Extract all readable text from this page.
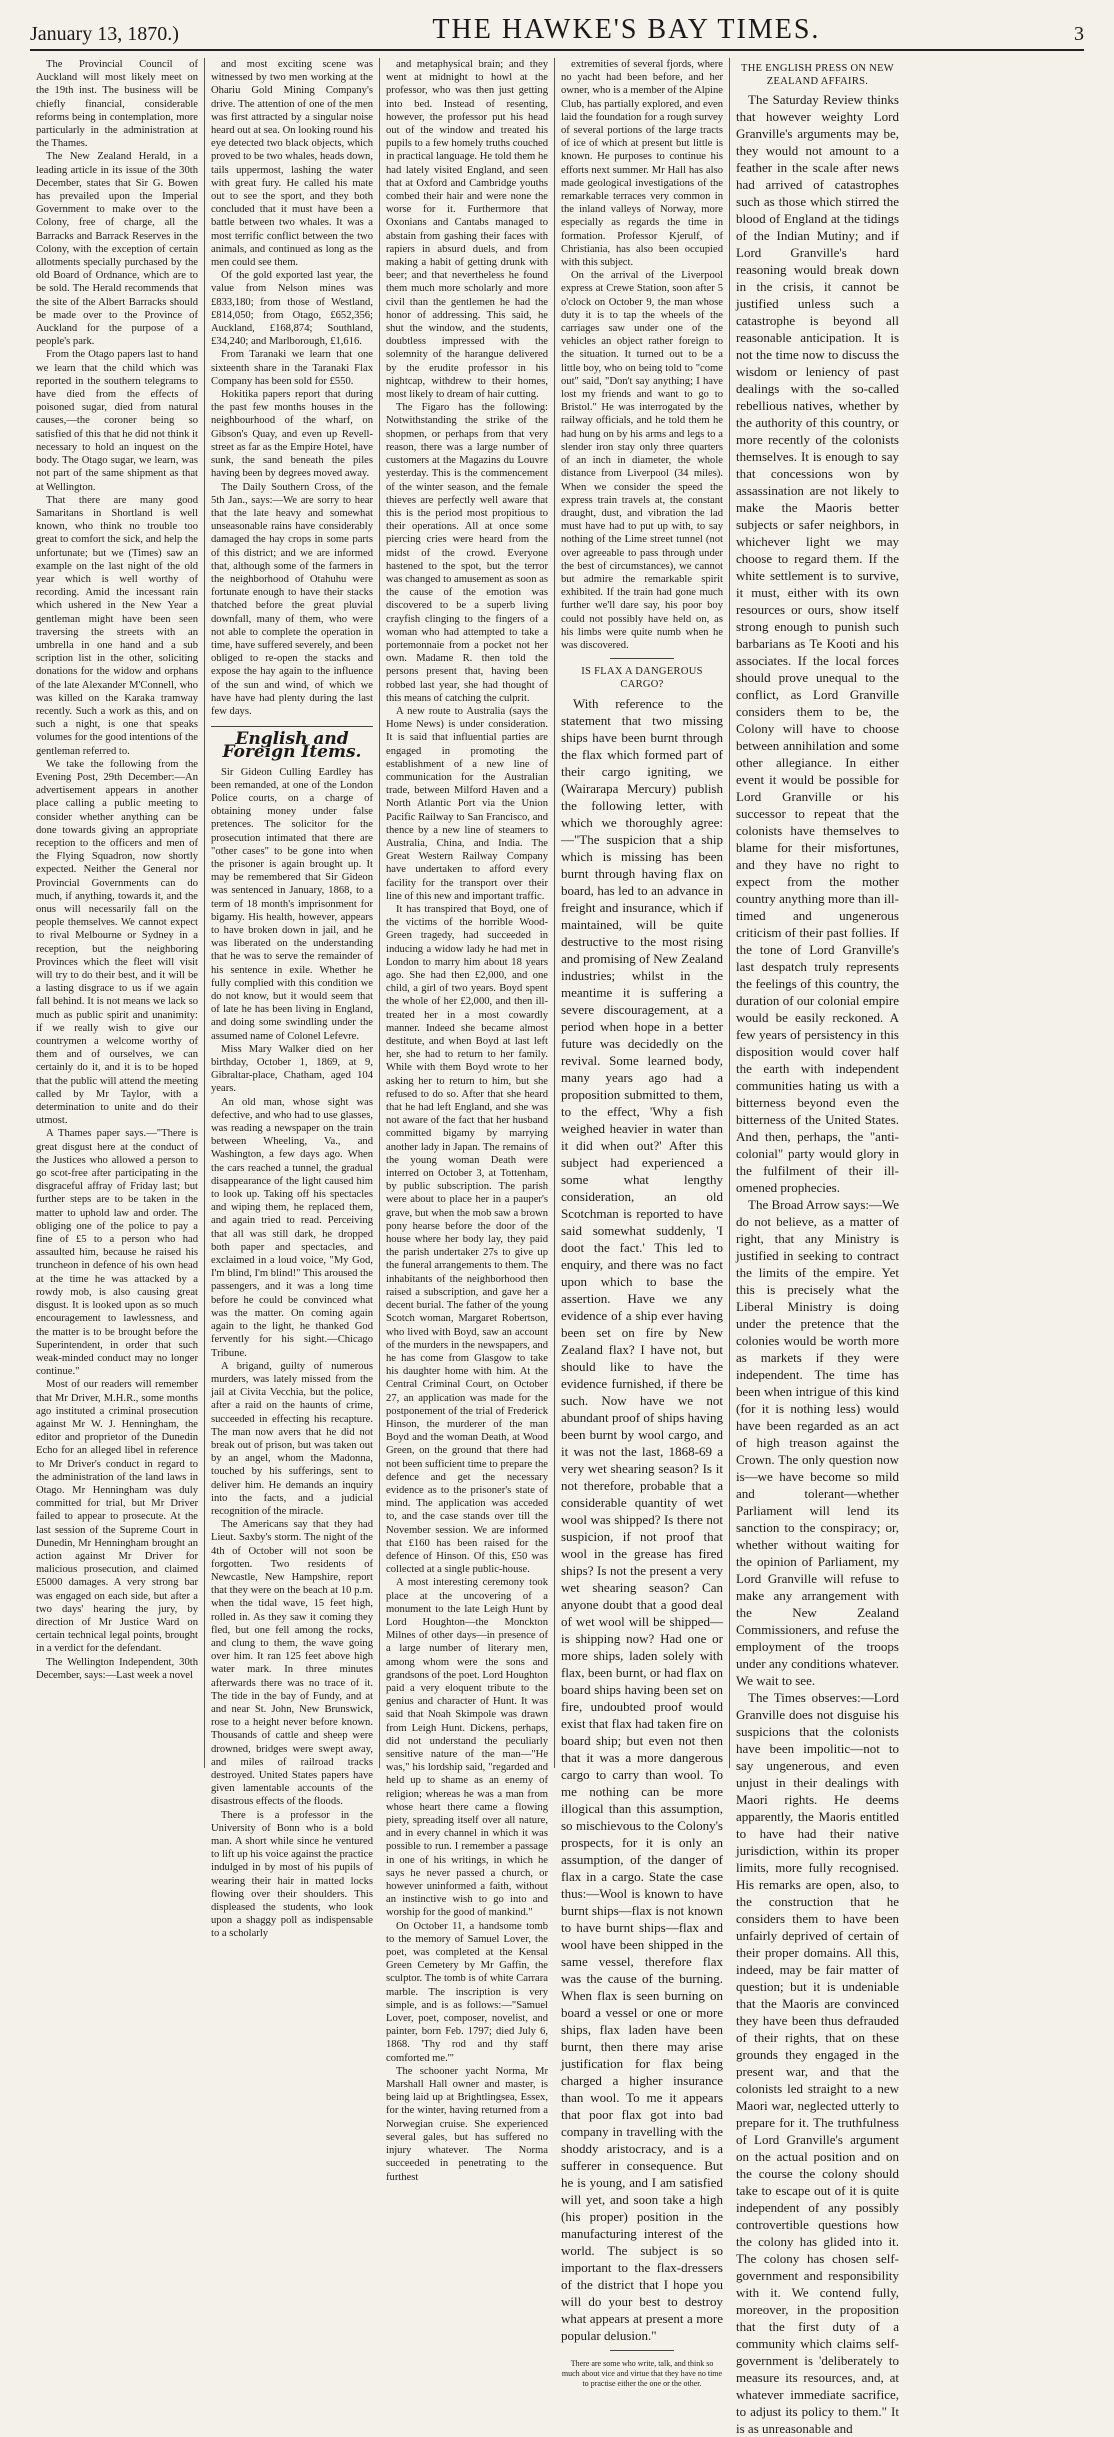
January 13, 1870.)	THE HAWKE'S BAY TIMES.	3

The Provincial Council of Auckland will most likely meet on the 19th inst. The business will be chiefly financial, considerable reforms being in contemplation, more particularly in the administration at the Thames.

The New Zealand Herald, in a leading article in its issue of the 30th December, states that Sir G. Bowen has prevailed upon the Imperial Government to make over to the Colony, free of charge, all the Barracks and Barrack Reserves in the Colony, with the exception of certain allotments specially purchased by the old Board of Ordnance, which are to be sold. The Herald recommends that the site of the Albert Barracks should be made over to the Province of Auckland for the purpose of a people's park.

From the Otago papers last to hand we learn that the child which was reported in the southern telegrams to have died from the effects of poisoned sugar, died from natural causes,—the coroner being so satisfied of this that he did not think it necessary to hold an inquest on the body. The Otago sugar, we learn, was not part of the same shipment as that at Wellington.

That there are many good Samaritans in Shortland is well known, who think no trouble too great to comfort the sick, and help the unfortunate; but we (Times) saw an example on the last night of the old year which is well worthy of recording. Amid the incessant rain which ushered in the New Year a gentleman might have been seen traversing the streets with an umbrella in one hand and a sub scription list in the other, soliciting donations for the widow and orphans of the late Alexander M'Connell, who was killed on the Karaka tramway recently. Such a work as this, and on such a night, is one that speaks volumes for the good intentions of the gentleman referred to.

We take the following from the Evening Post, 29th December:—An advertisement appears in another place calling a public meeting to consider whether anything can be done towards giving an appropriate reception to the officers and men of the Flying Squadron, now shortly expected. Neither the General nor Provincial Governments can do much, if anything, towards it, and the onus will necessarily fall on the people themselves. We cannot expect to rival Melbourne or Sydney in a reception, but the neighboring Provinces which the fleet will visit will try to do their best, and it will be a lasting disgrace to us if we again fall behind. It is not means we lack so much as public spirit and unanimity: if we really wish to give our countrymen a welcome worthy of them and of ourselves, we can certainly do it, and it is to be hoped that the public will attend the meeting called by Mr Taylor, with a determination to unite and do their utmost.

A Thames paper says.—"There is great disgust here at the conduct of the Justices who allowed a person to go scot-free after participating in the disgraceful affray of Friday last; but further steps are to be taken in the matter to uphold law and order. The obliging one of the police to pay a fine of £5 to a person who had assaulted him, because he raised his truncheon in defence of his own head at the time he was attacked by a rowdy mob, is also causing great disgust. It is looked upon as so much encouragement to lawlessness, and the matter is to be brought before the Superintendent, in order that such weak-minded conduct may no longer continue."

Most of our readers will remember that Mr Driver, M.H.R., some months ago instituted a criminal prosecution against Mr W. J. Henningham, the editor and proprietor of the Dunedin Echo for an alleged libel in reference to Mr Driver's conduct in regard to the administration of the land laws in Otago. Mr Henningham was duly committed for trial, but Mr Driver failed to appear to prosecute. At the last session of the Supreme Court in Dunedin, Mr Henningham brought an action against Mr Driver for malicious prosecution, and claimed £5000 damages. A very strong bar was engaged on each side, but after a two days' hearing the jury, by direction of Mr Justice Ward on certain technical legal points, brought in a verdict for the defendant.

The Wellington Independent, 30th December, says:—Last week a novel

and most exciting scene was witnessed by two men working at the Ohariu Gold Mining Company's drive. The attention of one of the men was first attracted by a singular noise heard out at sea. On looking round his eye detected two black objects, which proved to be two whales, heads down, tails uppermost, lashing the water with great fury. He called his mate out to see the sport, and they both concluded that it must have been a battle between two whales. It was a most terrific conflict between the two animals, and continued as long as the men could see them.

Of the gold exported last year, the value from Nelson mines was £833,180; from those of Westland, £814,050; from Otago, £652,356; Auckland, £168,874; Southland, £34,240; and Marlborough, £1,616.

From Taranaki we learn that one sixteenth share in the Taranaki Flax Company has been sold for £550.

Hokitika papers report that during the past few months houses in the neighbourhood of the wharf, on Gibson's Quay, and even up Revell-street as far as the Empire Hotel, have sunk, the sand beneath the piles having been by degrees moved away.

The Daily Southern Cross, of the 5th Jan., says:—We are sorry to hear that the late heavy and somewhat unseasonable rains have considerably damaged the hay crops in some parts of this district; and we are informed that, although some of the farmers in the neighborhood of Otahuhu were fortunate enough to have their stacks thatched before the great pluvial downfall, many of them, who were not able to complete the operation in time, have suffered severely, and been obliged to re-open the stacks and expose the hay again to the influence of the sun and wind, of which we have have had plenty during the last few days.

English and Foreign Items.

Sir Gideon Culling Eardley has been remanded, at one of the London Police courts, on a charge of obtaining money under false pretences. The solicitor for the prosecution intimated that there are "other cases" to be gone into when the prisoner is again brought up. It may be remembered that Sir Gideon was sentenced in January, 1868, to a term of 18 month's imprisonment for bigamy. His health, however, appears to have broken down in jail, and he was liberated on the understanding that he was to serve the remainder of his sentence in exile. Whether he fully complied with this condition we do not know, but it would seem that of late he has been living in England, and doing some swindling under the assumed name of Colonel Lefevre.

Miss Mary Walker died on her birthday, October 1, 1869, at 9, Gibraltar-place, Chatham, aged 104 years.

An old man, whose sight was defective, and who had to use glasses, was reading a newspaper on the train between Wheeling, Va., and Washington, a few days ago. When the cars reached a tunnel, the gradual disappearance of the light caused him to look up. Taking off his spectacles and wiping them, he replaced them, and again tried to read. Perceiving that all was still dark, he dropped both paper and spectacles, and exclaimed in a loud voice, "My God, I'm blind, I'm blind!" This aroused the passengers, and it was a long time before he could be convinced what was the matter. On coming again again to the light, he thanked God fervently for his sight.—Chicago Tribune.

A brigand, guilty of numerous murders, was lately missed from the jail at Civita Vecchia, but the police, after a raid on the haunts of crime, succeeded in effecting his recapture. The man now avers that he did not break out of prison, but was taken out by an angel, whom the Madonna, touched by his sufferings, sent to deliver him. He demands an inquiry into the facts, and a judicial recognition of the miracle.

The Americans say that they had Lieut. Saxby's storm. The night of the 4th of October will not soon be forgotten. Two residents of Newcastle, New Hampshire, report that they were on the beach at 10 p.m. when the tidal wave, 15 feet high, rolled in. As they saw it coming they fled, but one fell among the rocks, and clung to them, the wave going over him. It ran 125 feet above high water mark. In three minutes afterwards there was no trace of it. The tide in the bay of Fundy, and at and near St. John, New Brunswick, rose to a height never before known. Thousands of cattle and sheep were drowned, bridges were swept away, and miles of railroad tracks destroyed. United States papers have given lamentable accounts of the disastrous effects of the floods.

There is a professor in the University of Bonn who is a bold man. A short while since he ventured to lift up his voice against the practice indulged in by most of his pupils of wearing their hair in matted locks flowing over their shoulders. This displeased the students, who look upon a shaggy poll as indispensable to a scholarly

and metaphysical brain; and they went at midnight to howl at the professor, who was then just getting into bed. Instead of resenting, however, the professor put his head out of the window and treated his pupils to a few homely truths couched in practical language. He told them he had lately visited England, and seen that at Oxford and Cambridge youths combed their hair and were none the worse for it. Furthermore that Oxonians and Cantabs managed to abstain from gashing their faces with rapiers in absurd duels, and from making a habit of getting drunk with beer; and that nevertheless he found them much more scholarly and more civil than the gentlemen he had the honor of addressing. This said, he shut the window, and the students, doubtless impressed with the solemnity of the harangue delivered by the erudite professor in his nightcap, withdrew to their homes, most likely to dream of hair cutting.

The Figaro has the following: Notwithstanding the strike of the shopmen, or perhaps from that very reason, there was a large number of customers at the Magazins du Louvre yesterday. This is the commencement of the winter season, and the female thieves are perfectly well aware that this is the period most propitious to their operations. All at once some piercing cries were heard from the midst of the crowd. Everyone hastened to the spot, but the terror was changed to amusement as soon as the cause of the emotion was discovered to be a superb living crayfish clinging to the fingers of a woman who had attempted to take a portemonnaie from a pocket not her own. Madame R. then told the persons present that, having been robbed last year, she had thought of this means of catching the culprit.

A new route to Australia (says the Home News) is under consideration. It is said that influential parties are engaged in promoting the establishment of a new line of communication for the Australian trade, between Milford Haven and a North Atlantic Port via the Union Pacific Railway to San Francisco, and thence by a new line of steamers to Australia, China, and India. The Great Western Railway Company have undertaken to afford every facility for the transport over their line of this new and important traffic.

It has transpired that Boyd, one of the victims of the horrible Wood-Green tragedy, had succeeded in inducing a widow lady he had met in London to marry him about 18 years ago. She had then £2,000, and one child, a girl of two years. Boyd spent the whole of her £2,000, and then ill-treated her in a most cowardly manner. Indeed she became almost destitute, and when Boyd at last left her, she had to return to her family. While with them Boyd wrote to her asking her to return to him, but she refused to do so. After that she heard that he had left England, and she was not aware of the fact that her husband committed bigamy by marrying another lady in Japan. The remains of the young woman Death were interred on October 3, at Tottenham, by public subscription. The parish were about to place her in a pauper's grave, but when the mob saw a brown pony hearse before the door of the house where her body lay, they paid the parish undertaker 27s to give up the funeral arrangements to them. The inhabitants of the neighborhood then raised a subscription, and gave her a decent burial. The father of the young Scotch woman, Margaret Robertson, who lived with Boyd, saw an account of the murders in the newspapers, and he has come from Glasgow to take his daughter home with him. At the Central Criminal Court, on October 27, an application was made for the postponement of the trial of Frederick Hinson, the murderer of the man Boyd and the woman Death, at Wood Green, on the ground that there had not been sufficient time to prepare the defence and get the necessary evidence as to the prisoner's state of mind. The application was acceded to, and the case stands over till the November session. We are informed that £160 has been raised for the defence of Hinson. Of this, £50 was collected at a single public-house.

A most interesting ceremony took place at the uncovering of a monument to the late Leigh Hunt by Lord Houghton—the Monckton Milnes of other days—in presence of a large number of literary men, among whom were the sons and grandsons of the poet. Lord Houghton paid a very eloquent tribute to the genius and character of Hunt. It was said that Noah Skimpole was drawn from Leigh Hunt. Dickens, perhaps, did not understand the peculiarly sensitive nature of the man—"He was," his lordship said, "regarded and held up to shame as an enemy of religion; whereas he was a man from whose heart there came a flowing piety, spreading itself over all nature, and in every channel in which it was possible to run. I remember a passage in one of his writings, in which he says he never passed a church, or however uninformed a faith, without an instinctive wish to go into and worship for the good of mankind."

On October 11, a handsome tomb to the memory of Samuel Lover, the poet, was completed at the Kensal Green Cemetery by Mr Gaffin, the sculptor. The tomb is of white Carrara marble. The inscription is very simple, and is as follows:—"Samuel Lover, poet, composer, novelist, and painter, born Feb. 1797; died July 6, 1868. 'Thy rod and thy staff comforted me.'"

The schooner yacht Norma, Mr Marshall Hall owner and master, is being laid up at Brightlingsea, Essex, for the winter, having returned from a Norwegian cruise. She experienced several gales, but has suffered no injury whatever. The Norma succeeded in penetrating to the furthest

extremities of several fjords, where no yacht had been before, and her owner, who is a member of the Alpine Club, has partially explored, and even laid the foundation for a rough survey of several portions of the large tracts of ice of which at present but little is known. He purposes to continue his efforts next summer. Mr Hall has also made geological investigations of the remarkable terraces very common in the inland valleys of Norway, more especially as regards the time in formation. Professor Kjerulf, of Christiania, has also been occupied with this subject.

On the arrival of the Liverpool express at Crewe Station, soon after 5 o'clock on October 9, the man whose duty it is to tap the wheels of the carriages saw under one of the vehicles an object rather foreign to the situation. It turned out to be a little boy, who on being told to "come out" said, "Don't say anything; I have lost my friends and want to go to Bristol." He was interrogated by the railway officials, and he told them he had hung on by his arms and legs to a slender iron stay only three quarters of an inch in diameter, the whole distance from Liverpool (34 miles). When we consider the speed the express train travels at, the constant draught, dust, and vibration the lad must have had to put up with, to say nothing of the Lime street tunnel (not over agreeable to pass through under the best of circumstances), we cannot but admire the remarkable spirit exhibited. If the train had gone much further we'll dare say, his poor boy could not possibly have held on, as his limbs were quite numb when he was discovered.

IS FLAX A DANGEROUS CARGO?

With reference to the statement that two missing ships have been burnt through the flax which formed part of their cargo igniting, we (Wairarapa Mercury) publish the following letter, with which we thoroughly agree:—"The suspicion that a ship which is missing has been burnt through having flax on board, has led to an advance in freight and insurance, which if maintained, will be quite destructive to the most rising and promising of New Zealand industries; whilst in the meantime it is suffering a severe discouragement, at a period when hope in a better future was decidedly on the revival. Some learned body, many years ago had a proposition submitted to them, to the effect, 'Why a fish weighed heavier in water than it did when out?' After this subject had experienced a some what lengthy consideration, an old Scotchman is reported to have said somewhat suddenly, 'I doot the fact.' This led to enquiry, and there was no fact upon which to base the assertion. Have we any evidence of a ship ever having been set on fire by New Zealand flax? I have not, but should like to have the evidence furnished, if there be such. Now have we not abundant proof of ships having been burnt by wool cargo, and it was not the last, 1868-69 a very wet shearing season? Is it not therefore, probable that a considerable quantity of wet wool was shipped? Is there not suspicion, if not proof that wool in the grease has fired ships? Is not the present a very wet shearing season? Can anyone doubt that a good deal of wet wool will be shipped—is shipping now? Had one or more ships, laden solely with flax, been burnt, or had flax on board ships having been set on fire, undoubted proof would exist that flax had taken fire on board ship; but even not then that it was a more dangerous cargo to carry than wool. To me nothing can be more illogical than this assumption, so mischievous to the Colony's prospects, for it is only an assumption, of the danger of flax in a cargo. State the case thus:—Wool is known to have burnt ships—flax is not known to have burnt ships—flax and wool have been shipped in the same vessel, therefore flax was the cause of the burning. When flax is seen burning on board a vessel or one or more ships, flax laden have been burnt, then there may arise justification for flax being charged a higher insurance than wool. To me it appears that poor flax got into bad company in travelling with the shoddy aristocracy, and is a sufferer in consequence. But he is young, and I am satisfied will yet, and soon take a high (his proper) position in the manufacturing interest of the world. The subject is so important to the flax-dressers of the district that I hope you will do your best to destroy what appears at present a more popular delusion."

There are some who write, talk, and think so much about vice and virtue that they have no time to practise either the one or the other.
THE ENGLISH PRESS ON NEW ZEALAND AFFAIRS.

The Saturday Review thinks that however weighty Lord Granville's arguments may be, they would not amount to a feather in the scale after news had arrived of catastrophes such as those which stirred the blood of England at the tidings of the Indian Mutiny; and if Lord Granville's hard reasoning would break down in the crisis, it cannot be justified unless such a catastrophe is beyond all reasonable anticipation. It is not the time now to discuss the wisdom or leniency of past dealings with the so-called rebellious natives, whether by the authority of this country, or more recently of the colonists themselves. It is enough to say that concessions won by assassination are not likely to make the Maoris better subjects or safer neighbors, in whichever light we may choose to regard them. If the white settlement is to survive, it must, either with its own resources or ours, show itself strong enough to punish such barbarians as Te Kooti and his associates. If the local forces should prove unequal to the conflict, as Lord Granville considers them to be, the Colony will have to choose between annihilation and some other allegiance. In either event it would be possible for Lord Granville or his successor to repeat that the colonists have themselves to blame for their misfortunes, and they have no right to expect from the mother country anything more than ill-timed and ungenerous criticism of their past follies. If the tone of Lord Granville's last despatch truly represents the feelings of this country, the duration of our colonial empire would be easily reckoned. A few years of persistency in this disposition would cover half the earth with independent communities hating us with a bitterness beyond even the bitterness of the United States. And then, perhaps, the "anti-colonial" party would glory in the fulfilment of their ill-omened prophecies.

The Broad Arrow says:—We do not believe, as a matter of right, that any Ministry is justified in seeking to contract the limits of the empire. Yet this is precisely what the Liberal Ministry is doing under the pretence that the colonies would be worth more as markets if they were independent. The time has been when intrigue of this kind (for it is nothing less) would have been regarded as an act of high treason against the Crown. The only question now is—we have become so mild and tolerant—whether Parliament will lend its sanction to the conspiracy; or, whether without waiting for the opinion of Parliament, my Lord Granville will refuse to make any arrangement with the New Zealand Commissioners, and refuse the employment of the troops under any conditions whatever. We wait to see.

The Times observes:—Lord Granville does not disguise his suspicions that the colonists have been impolitic—not to say ungenerous, and even unjust in their dealings with Maori rights. He deems apparently, the Maoris entitled to have had their native jurisdiction, within its proper limits, more fully recognised. His remarks are open, also, to the construction that he considers them to have been unfairly deprived of certain of their proper domains. All this, indeed, may be fair matter of question; but it is undeniable that the Maoris are convinced they have been thus defrauded of their rights, that on these grounds they engaged in the present war, and that the colonists led straight to a new Maori war, neglected utterly to prepare for it. The truthfulness of Lord Granville's argument on the actual position and on the course the colony should take to escape out of it is quite independent of any possibly controvertible questions how the colony has glided into it. The colony has chosen self-government and responsibility with it. We contend fully, moreover, in the proposition that the first duty of a community which claims self-government is 'deliberately to measure its resources, and, at whatever immediate sacrifice, to adjust its policy to them." It is as unreasonable and
